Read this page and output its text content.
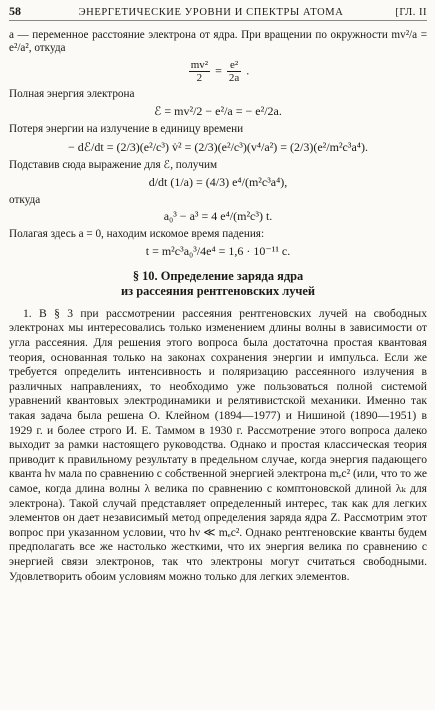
58	ЭНЕРГЕТИЧЕСКИЕ УРОВНИ И СПЕКТРЫ АТОМА	[ГЛ. II

a — переменное расстояние электрона от ядра. При вращении по окружности mv²/a = e²/a², откуда

$\frac{\text{mv²}}{2} = \frac{\text{e²}}{2a}$ .

Полная энергия электрона

ℰ = mv²/2 − e²/a = − e²/2a.

Потеря энергии на излучение в единицу времени

− dℰ/dt = (2/3)(e²/c³) v̇² = (2/3)(e²/c³)(v⁴/a²) = (2/3)(e²/m²c³a⁴).

Подставив сюда выражение для ℰ, получим

d/dt (1/a) = (4/3) e⁴/(m²c³a⁴),

откуда

a₀³ − a³ = 4 e⁴/(m²c³) t.

Полагая здесь a = 0, находим искомое время падения:

t = m²c³a₀³/4e⁴ = 1,6 · 10⁻¹¹ с.
§ 10. Определение заряда ядра
из рассеяния рентгеновских лучей

1. В § 3 при рассмотрении рассеяния рентгеновских лучей на свободных электронах мы интересовались только изменением длины волны в зависимости от угла рассеяния. Для решения этого вопроса была достаточна простая квантовая теория, основанная только на законах сохранения энергии и импульса. Если же требуется определить интенсивность и поляризацию рассеянного излучения в различных направлениях, то необходимо уже пользоваться полной системой уравнений квантовых электродинамики и релятивистской механики. Именно так такая задача была решена О. Клейном (1894—1977) и Нишиной (1890—1951) в 1929 г. и более строго И. Е. Таммом в 1930 г. Рассмотрение этого вопроса далеко выходит за рамки настоящего руководства. Однако и простая классическая теория приводит к правильному результату в предельном случае, когда энергия падающего кванта hν мала по сравнению с собственной энергией электрона mₑc² (или, что то же самое, когда длина волны λ велика по сравнению с комптоновской длиной λₖ для электрона). Такой случай представляет определенный интерес, так как для легких элементов он дает независимый метод определения заряда ядра Z. Рассмотрим этот вопрос при указанном условии, что hν ≪ mₑc². Однако рентгеновские кванты будем предполагать все же настолько жесткими, что их энергия велика по сравнению с энергией связи электронов, так что электроны могут считаться свободными. Удовлетворить обоим условиям можно только для легких элементов.
